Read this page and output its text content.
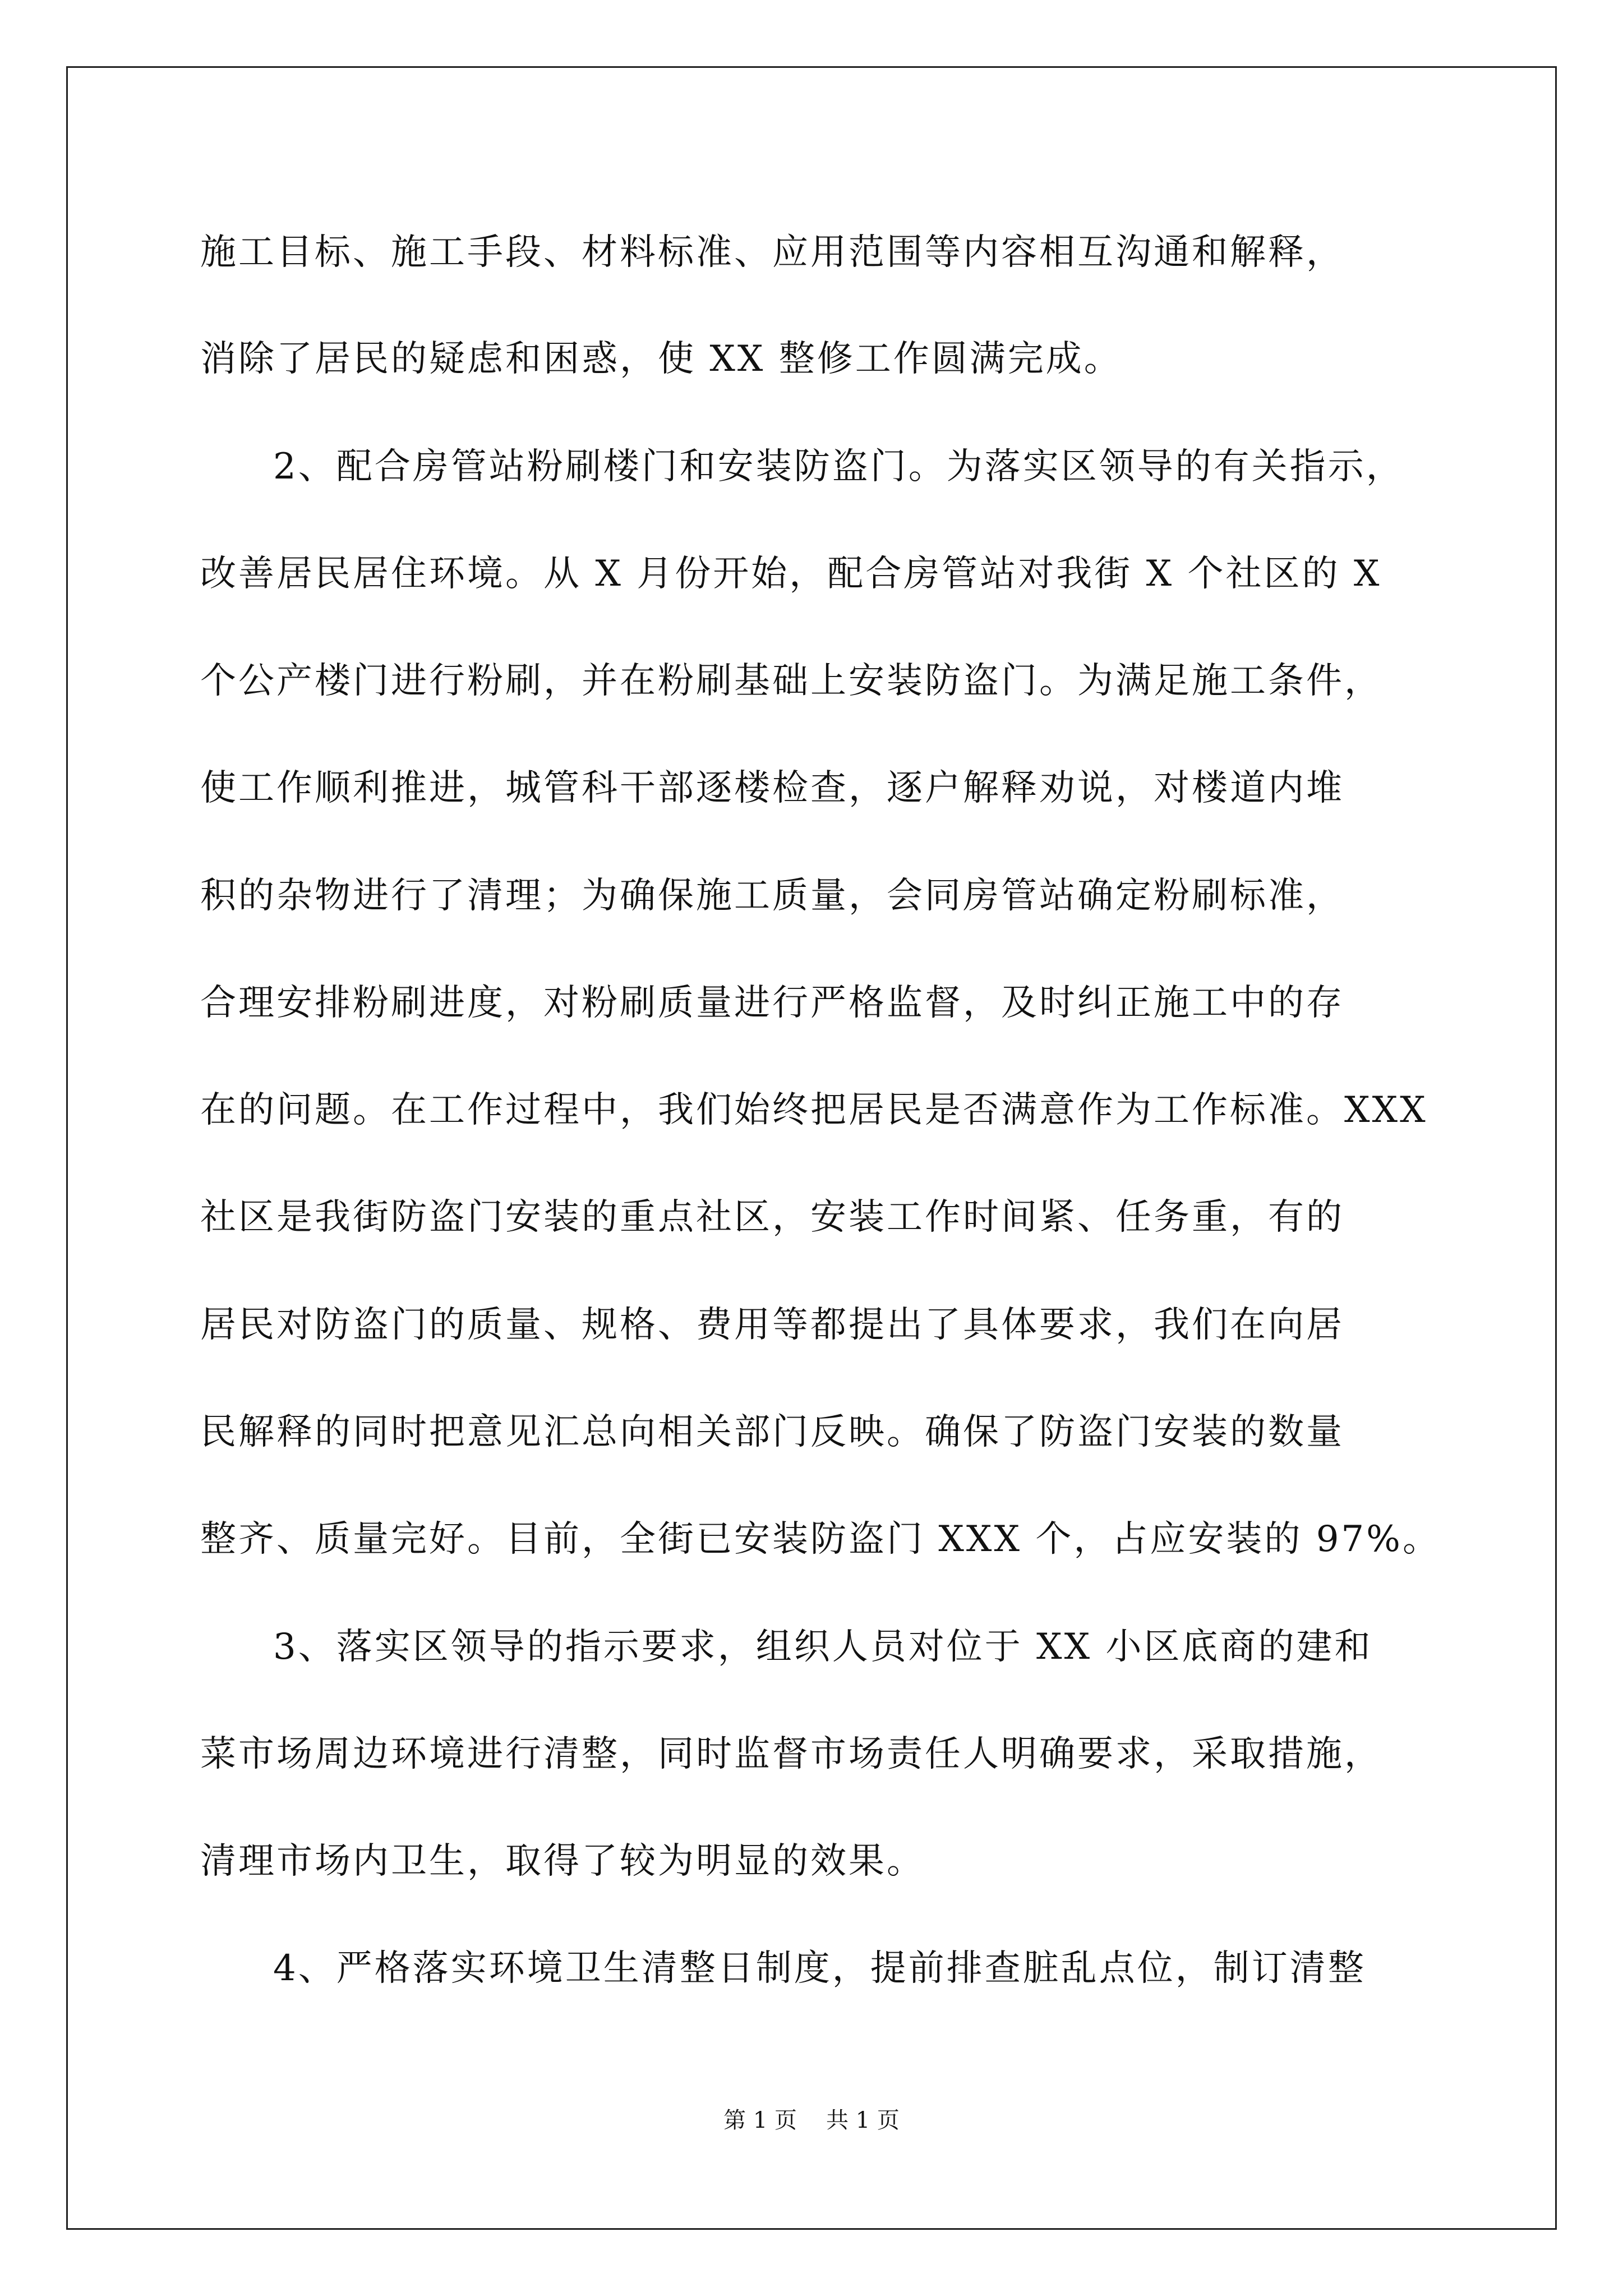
施工目标、施工手段、材料标准、应用范围等内容相互沟通和解释，

消除了居民的疑虑和困惑，使 XX 整修工作圆满完成。

2、配合房管站粉刷楼门和安装防盗门。为落实区领导的有关指示，

改善居民居住环境。从 X 月份开始，配合房管站对我街 X 个社区的 X

个公产楼门进行粉刷，并在粉刷基础上安装防盗门。为满足施工条件，

使工作顺利推进，城管科干部逐楼检查，逐户解释劝说，对楼道内堆

积的杂物进行了清理；为确保施工质量，会同房管站确定粉刷标准，

合理安排粉刷进度，对粉刷质量进行严格监督，及时纠正施工中的存

在的问题。在工作过程中，我们始终把居民是否满意作为工作标准。XXX

社区是我街防盗门安装的重点社区，安装工作时间紧、任务重，有的

居民对防盗门的质量、规格、费用等都提出了具体要求，我们在向居

民解释的同时把意见汇总向相关部门反映。确保了防盗门安装的数量

整齐、质量完好。目前，全街已安装防盗门 XXX 个，占应安装的 97%。

3、落实区领导的指示要求，组织人员对位于 XX 小区底商的建和

菜市场周边环境进行清整，同时监督市场责任人明确要求，采取措施，

清理市场内卫生，取得了较为明显的效果。

4、严格落实环境卫生清整日制度，提前排查脏乱点位，制订清整

第 1 页 共 1 页
